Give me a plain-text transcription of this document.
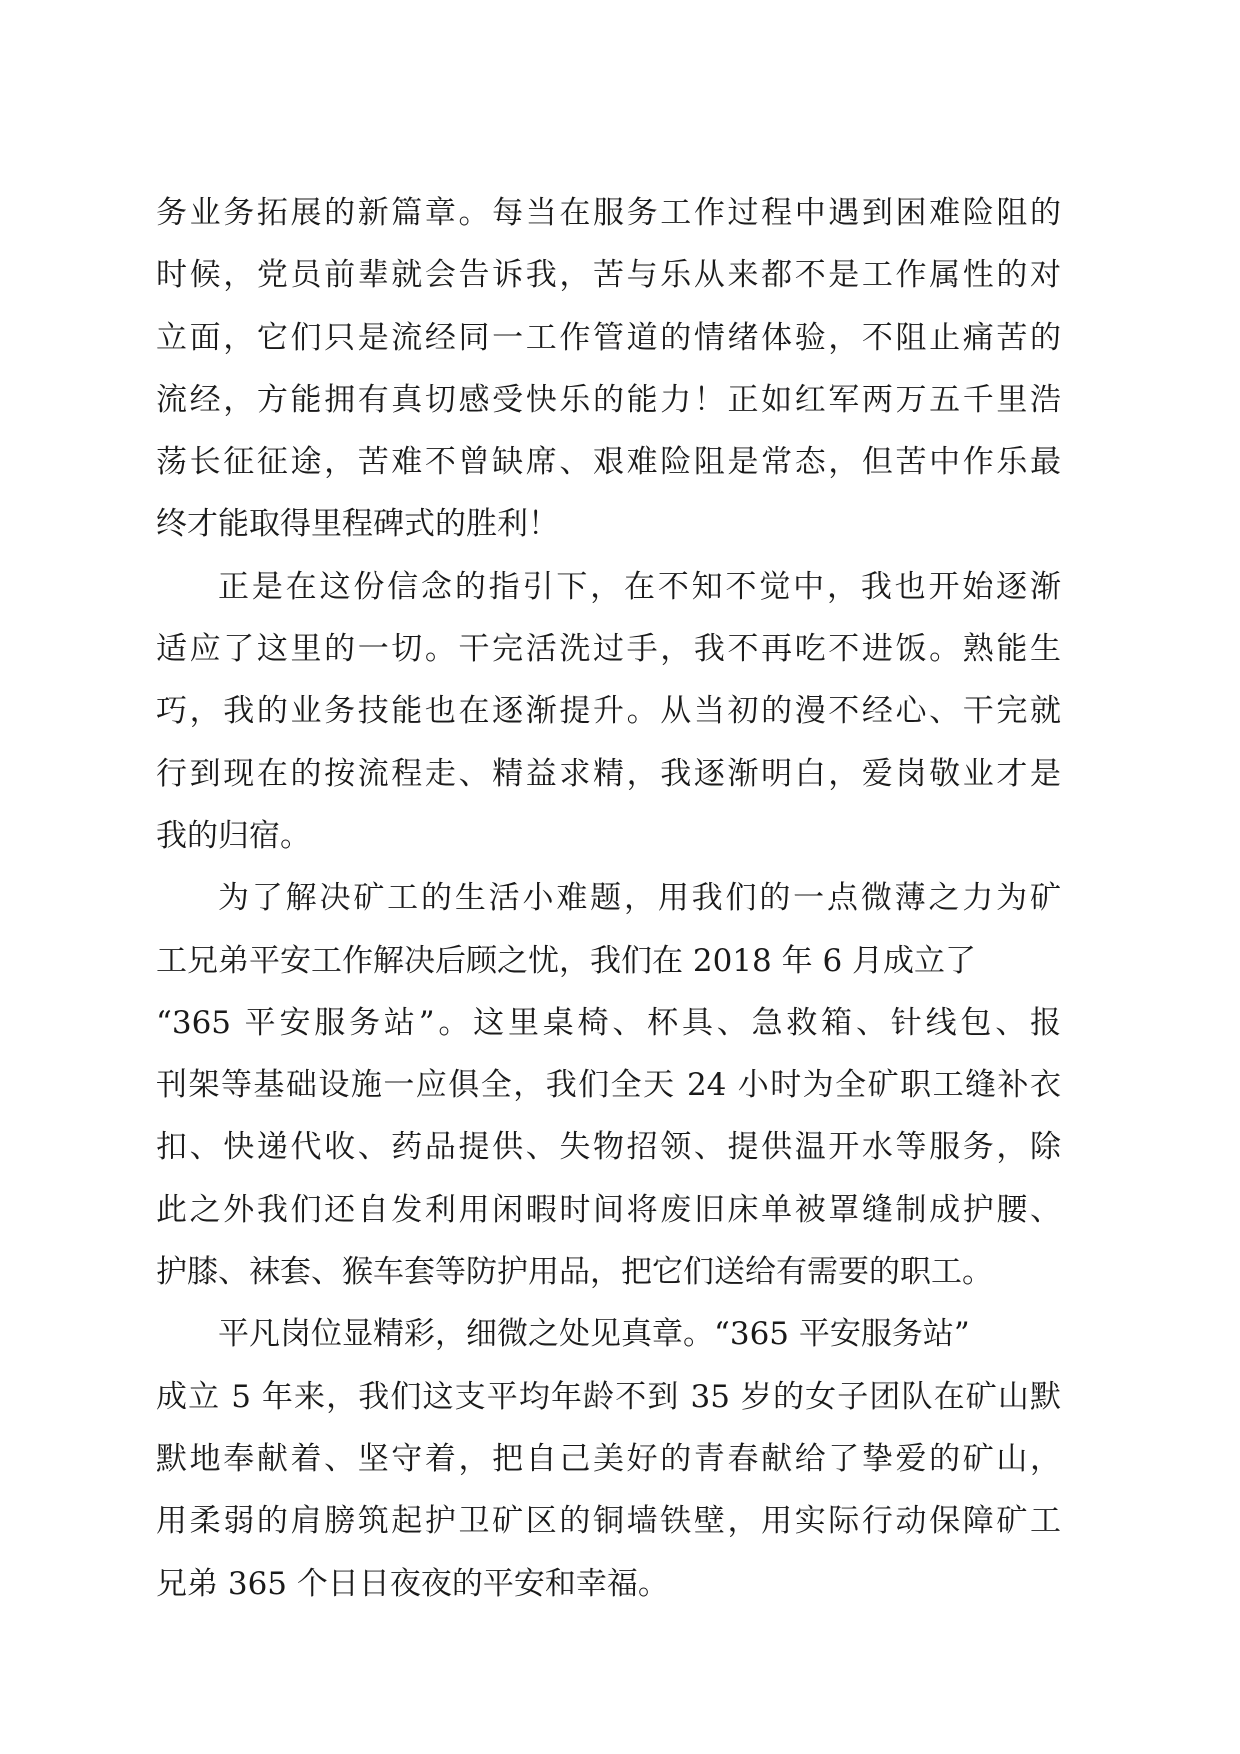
务业务拓展的新篇章。每当在服务工作过程中遇到困难险阻的
时候，党员前辈就会告诉我，苦与乐从来都不是工作属性的对
立面，它们只是流经同一工作管道的情绪体验，不阻止痛苦的
流经，方能拥有真切感受快乐的能力！正如红军两万五千里浩
荡长征征途，苦难不曾缺席、艰难险阻是常态，但苦中作乐最
终才能取得里程碑式的胜利！
正是在这份信念的指引下，在不知不觉中，我也开始逐渐
适应了这里的一切。干完活洗过手，我不再吃不进饭。熟能生
巧，我的业务技能也在逐渐提升。从当初的漫不经心、干完就
行到现在的按流程走、精益求精，我逐渐明白，爱岗敬业才是
我的归宿。
为了解决矿工的生活小难题，用我们的一点微薄之力为矿
工兄弟平安工作解决后顾之忧，我们在 2018 年 6 月成立了
“365 平安服务站”。这里桌椅、杯具、急救箱、针线包、报
刊架等基础设施一应俱全，我们全天 24 小时为全矿职工缝补衣
扣、快递代收、药品提供、失物招领、提供温开水等服务，除
此之外我们还自发利用闲暇时间将废旧床单被罩缝制成护腰、
护膝、袜套、猴车套等防护用品，把它们送给有需要的职工。
平凡岗位显精彩，细微之处见真章。“365 平安服务站”
成立 5 年来，我们这支平均年龄不到 35 岁的女子团队在矿山默
默地奉献着、坚守着，把自己美好的青春献给了挚爱的矿山，
用柔弱的肩膀筑起护卫矿区的铜墙铁壁，用实际行动保障矿工
兄弟 365 个日日夜夜的平安和幸福。
